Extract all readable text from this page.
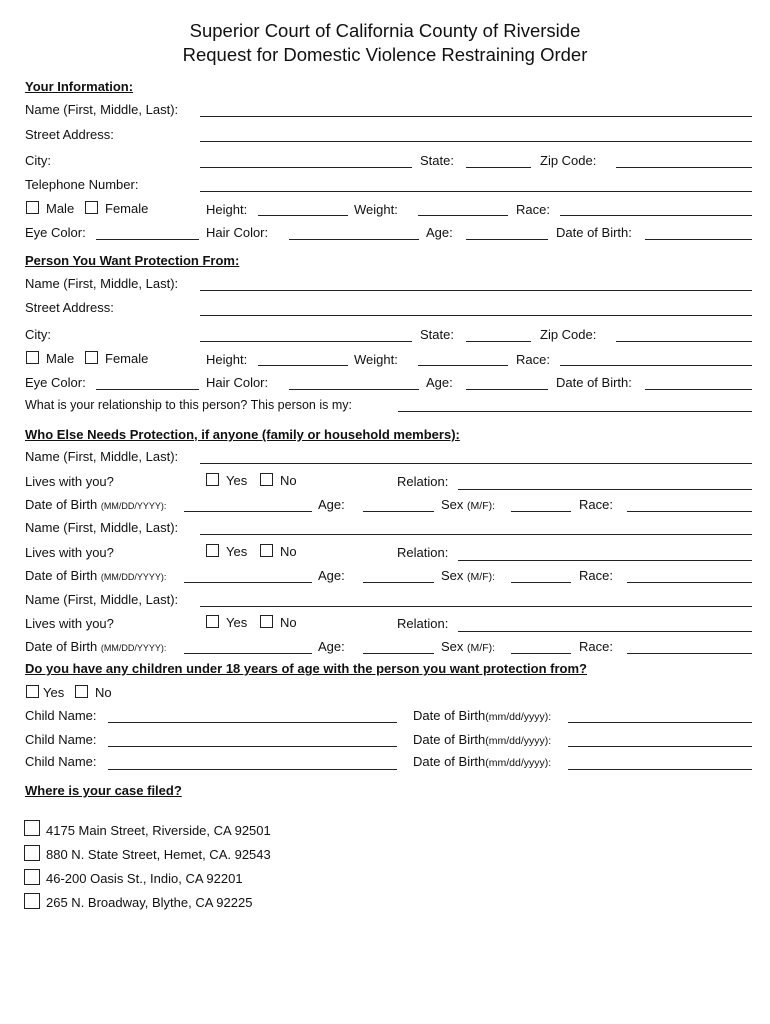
Superior Court of California County of Riverside
Request for Domestic Violence Restraining Order
Your Information:
Name (First, Middle, Last):
Street Address:
City:	State:	Zip Code:
Telephone Number:
Male Female	Height:	Weight:	Race:
Eye Color:	Hair Color:	Age:	Date of Birth:
Person You Want Protection From:
Name (First, Middle, Last):
Street Address:
City:	State:	Zip Code:
Male Female	Height:	Weight:	Race:
Eye Color:	Hair Color:	Age:	Date of Birth:
What is your relationship to this person? This person is my:
Who Else Needs Protection, if anyone (family or household members):
Name (First, Middle, Last):
Lives with you?	Yes	No	Relation:
Date of Birth (MM/DD/YYYY):	Age:	Sex (M/F):	Race:
Name (First, Middle, Last):
Lives with you?	Yes	No	Relation:
Date of Birth (MM/DD/YYYY):	Age:	Sex (M/F):	Race:
Name (First, Middle, Last):
Lives with you?	Yes	No	Relation:
Date of Birth (MM/DD/YYYY):	Age:	Sex (M/F):	Race:
Do you have any children under 18 years of age with the person you want protection from?
Yes No
Child Name:	Date of Birth(mm/dd/yyyy):
Child Name:	Date of Birth(mm/dd/yyyy):
Child Name:	Date of Birth(mm/dd/yyyy):
Where is your case filed?
4175 Main Street, Riverside, CA 92501
880 N. State Street, Hemet, CA. 92543
46-200 Oasis St., Indio, CA 92201
265 N. Broadway, Blythe, CA 92225
